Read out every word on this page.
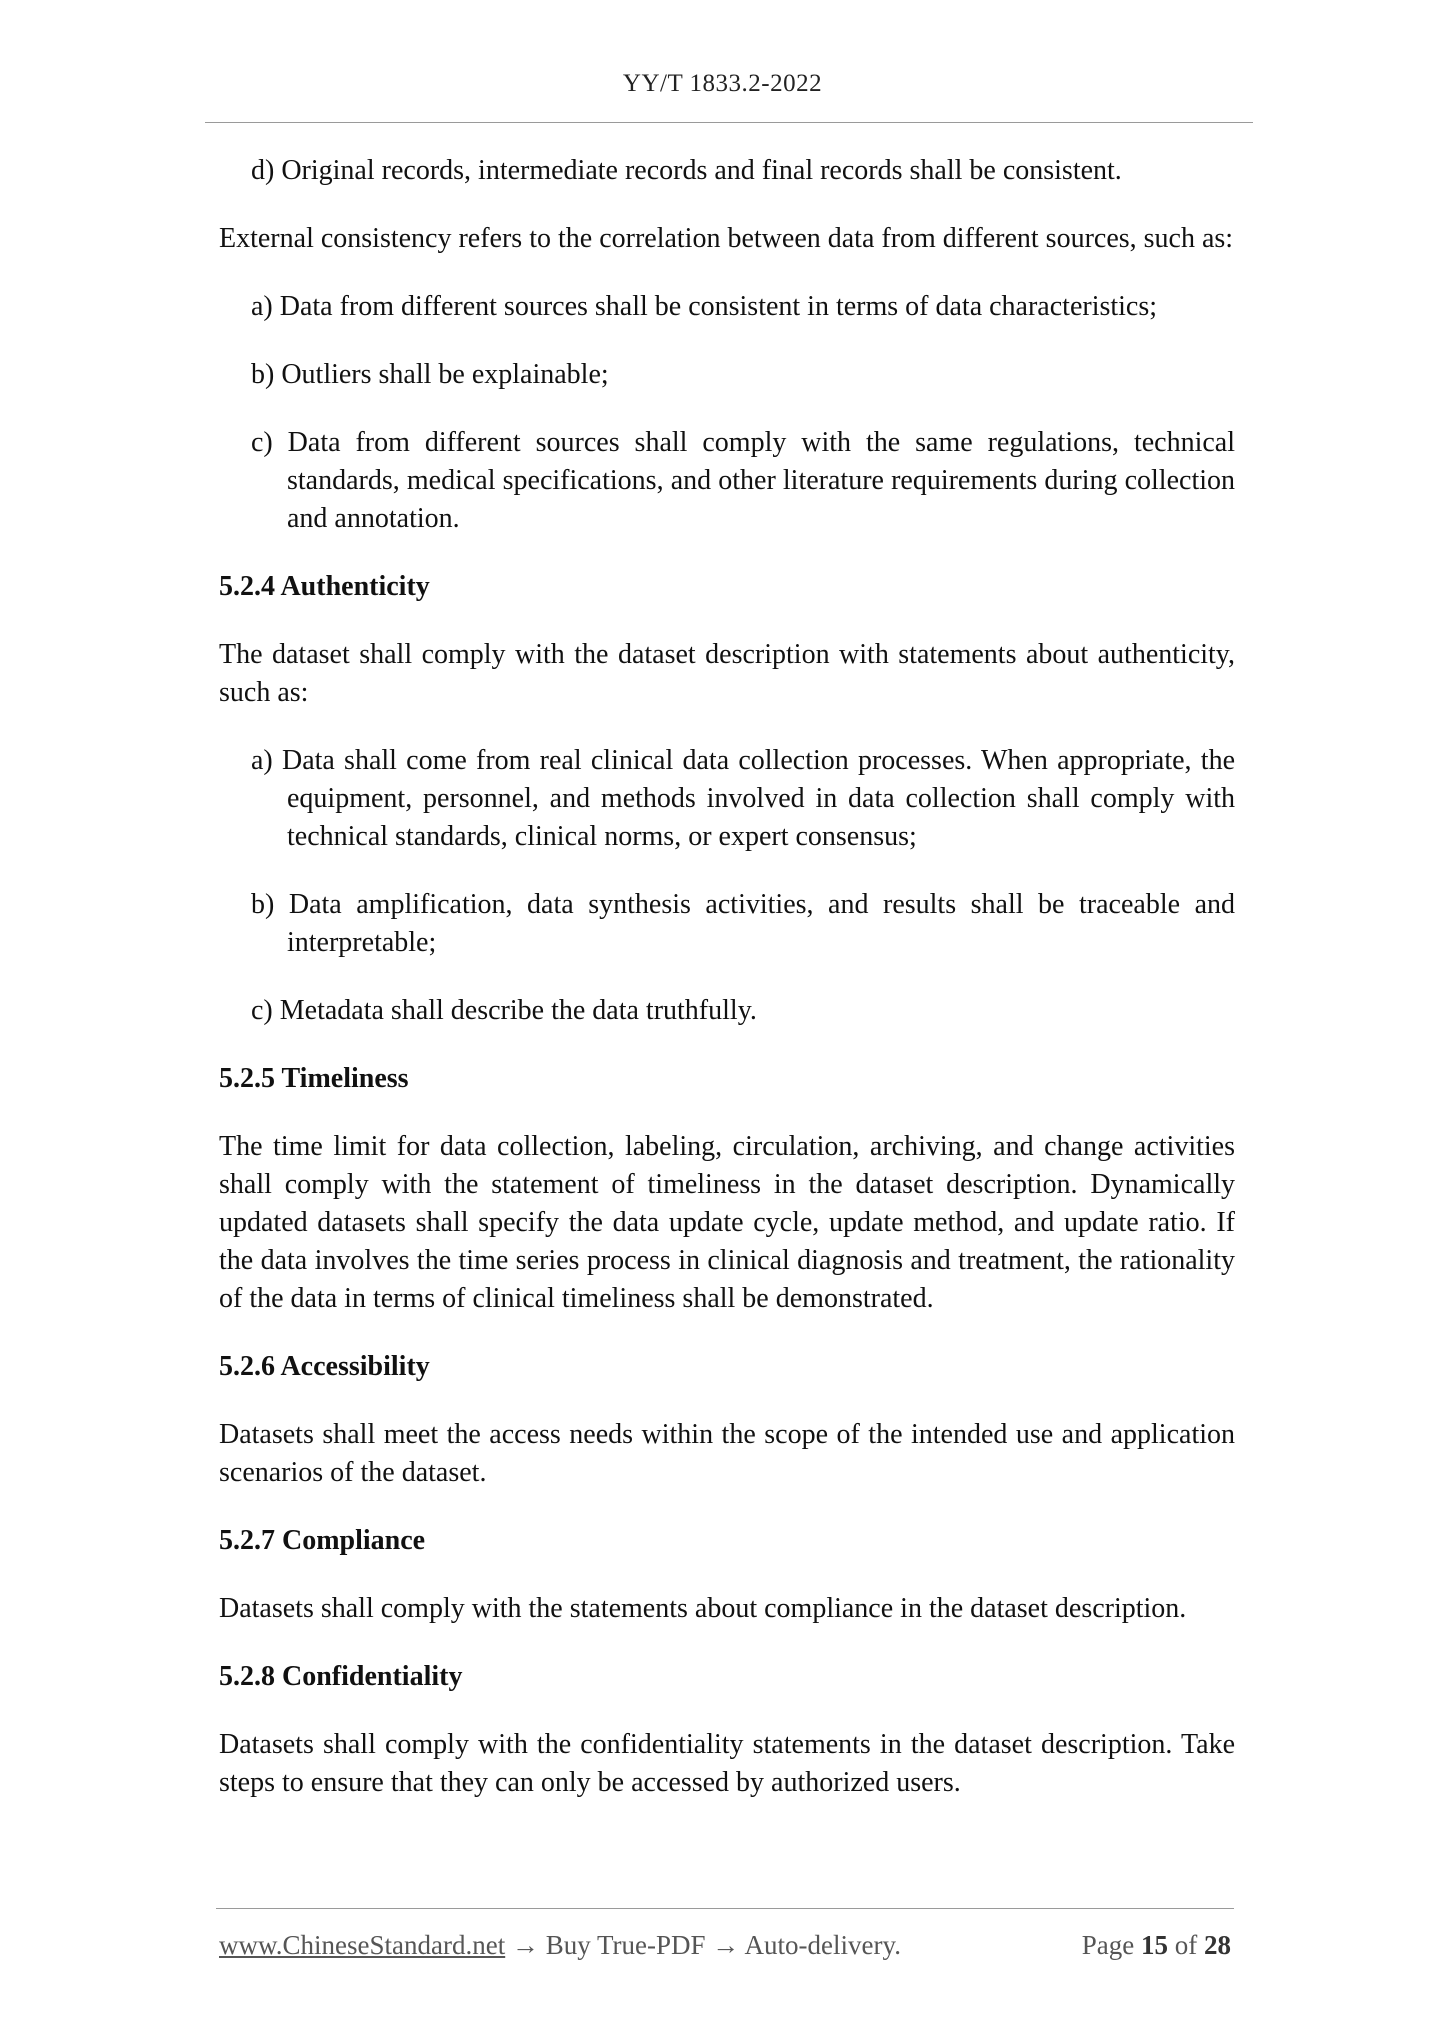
YY/T 1833.2-2022

d) Original records, intermediate records and final records shall be consistent.

External consistency refers to the correlation between data from different sources, such as:

a) Data from different sources shall be consistent in terms of data characteristics;

b) Outliers shall be explainable;

c) Data from different sources shall comply with the same regulations, technical standards, medical specifications, and other literature requirements during collection and annotation.

5.2.4 Authenticity

The dataset shall comply with the dataset description with statements about authenticity, such as:

a) Data shall come from real clinical data collection processes. When appropriate, the equipment, personnel, and methods involved in data collection shall comply with technical standards, clinical norms, or expert consensus;

b) Data amplification, data synthesis activities, and results shall be traceable and interpretable;

c) Metadata shall describe the data truthfully.

5.2.5 Timeliness

The time limit for data collection, labeling, circulation, archiving, and change activities shall comply with the statement of timeliness in the dataset description. Dynamically updated datasets shall specify the data update cycle, update method, and update ratio. If the data involves the time series process in clinical diagnosis and treatment, the rationality of the data in terms of clinical timeliness shall be demonstrated.

5.2.6 Accessibility

Datasets shall meet the access needs within the scope of the intended use and application scenarios of the dataset.

5.2.7 Compliance

Datasets shall comply with the statements about compliance in the dataset description.

5.2.8 Confidentiality

Datasets shall comply with the confidentiality statements in the dataset description. Take steps to ensure that they can only be accessed by authorized users.

www.ChineseStandard.net → Buy True-PDF → Auto-delivery.	Page 15 of 28
